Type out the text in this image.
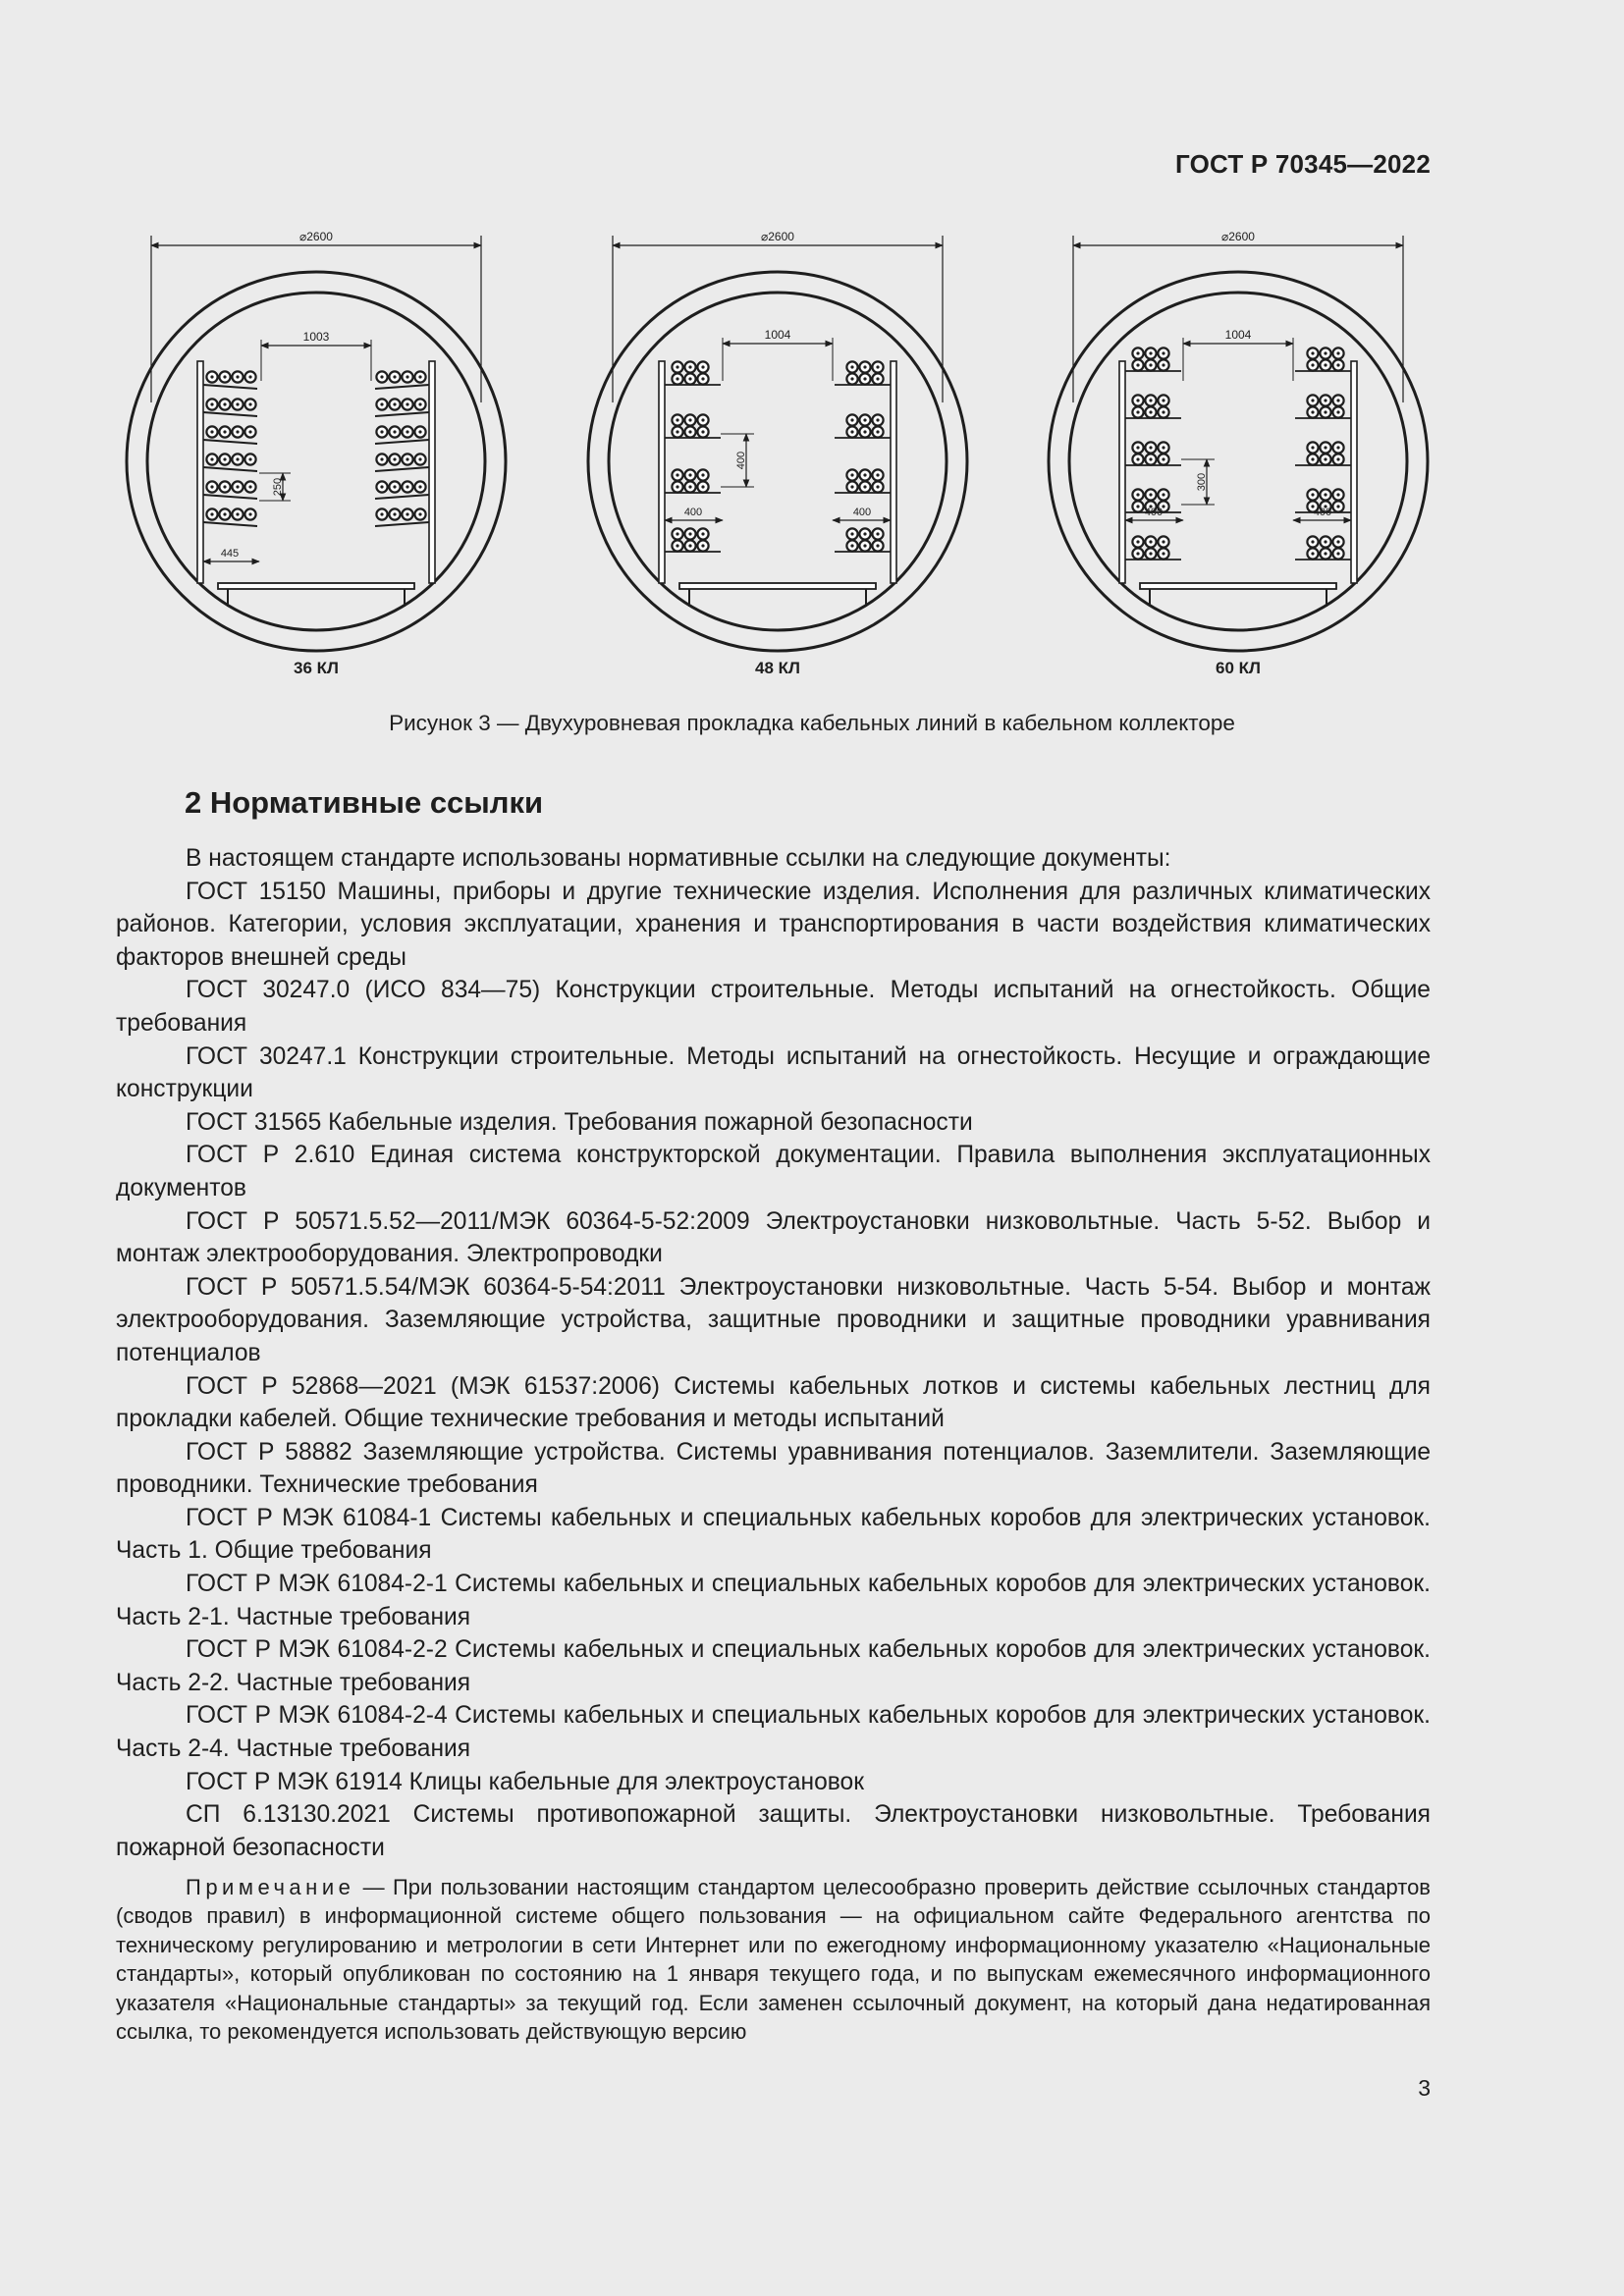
ГОСТ Р 70345—2022
⌀2600
1003
250
445
36 КЛ
⌀2600
1004
400
400	400
48 КЛ
⌀2600
1004
300
400	400
60 КЛ
Рисунок 3 — Двухуровневая прокладка кабельных линий в кабельном коллекторе
2 Нормативные ссылки

В настоящем стандарте использованы нормативные ссылки на следующие документы:

ГОСТ 15150 Машины, приборы и другие технические изделия. Исполнения для различных климатических районов. Категории, условия эксплуатации, хранения и транспортирования в части воздействия климатических факторов внешней среды

ГОСТ 30247.0 (ИСО 834—75) Конструкции строительные. Методы испытаний на огнестойкость. Общие требования

ГОСТ 30247.1 Конструкции строительные. Методы испытаний на огнестойкость. Несущие и ограждающие конструкции

ГОСТ 31565 Кабельные изделия. Требования пожарной безопасности

ГОСТ Р 2.610 Единая система конструкторской документации. Правила выполнения эксплуатационных документов

ГОСТ Р 50571.5.52—2011/МЭК 60364-5-52:2009 Электроустановки низковольтные. Часть 5-52. Выбор и монтаж электрооборудования. Электропроводки

ГОСТ Р 50571.5.54/МЭК 60364-5-54:2011 Электроустановки низковольтные. Часть 5-54. Выбор и монтаж электрооборудования. Заземляющие устройства, защитные проводники и защитные проводники уравнивания потенциалов

ГОСТ Р 52868—2021 (МЭК 61537:2006) Системы кабельных лотков и системы кабельных лестниц для прокладки кабелей. Общие технические требования и методы испытаний

ГОСТ Р 58882 Заземляющие устройства. Системы уравнивания потенциалов. Заземлители. Заземляющие проводники. Технические требования

ГОСТ Р МЭК 61084-1 Системы кабельных и специальных кабельных коробов для электрических установок. Часть 1. Общие требования

ГОСТ Р МЭК 61084-2-1 Системы кабельных и специальных кабельных коробов для электрических установок. Часть 2-1. Частные требования

ГОСТ Р МЭК 61084-2-2 Системы кабельных и специальных кабельных коробов для электрических установок. Часть 2-2. Частные требования

ГОСТ Р МЭК 61084-2-4 Системы кабельных и специальных кабельных коробов для электрических установок. Часть 2-4. Частные требования

ГОСТ Р МЭК 61914 Клицы кабельные для электроустановок

СП 6.13130.2021 Системы противопожарной защиты. Электроустановки низковольтные. Требования пожарной безопасности

Примечание — При пользовании настоящим стандартом целесообразно проверить действие ссылочных стандартов (сводов правил) в информационной системе общего пользования — на официальном сайте Федерального агентства по техническому регулированию и метрологии в сети Интернет или по ежегодному информационному указателю «Национальные стандарты», который опубликован по состоянию на 1 января текущего года, и по выпускам ежемесячного информационного указателя «Национальные стандарты» за текущий год. Если заменен ссылочный документ, на который дана недатированная ссылка, то рекомендуется использовать действующую версию

3
